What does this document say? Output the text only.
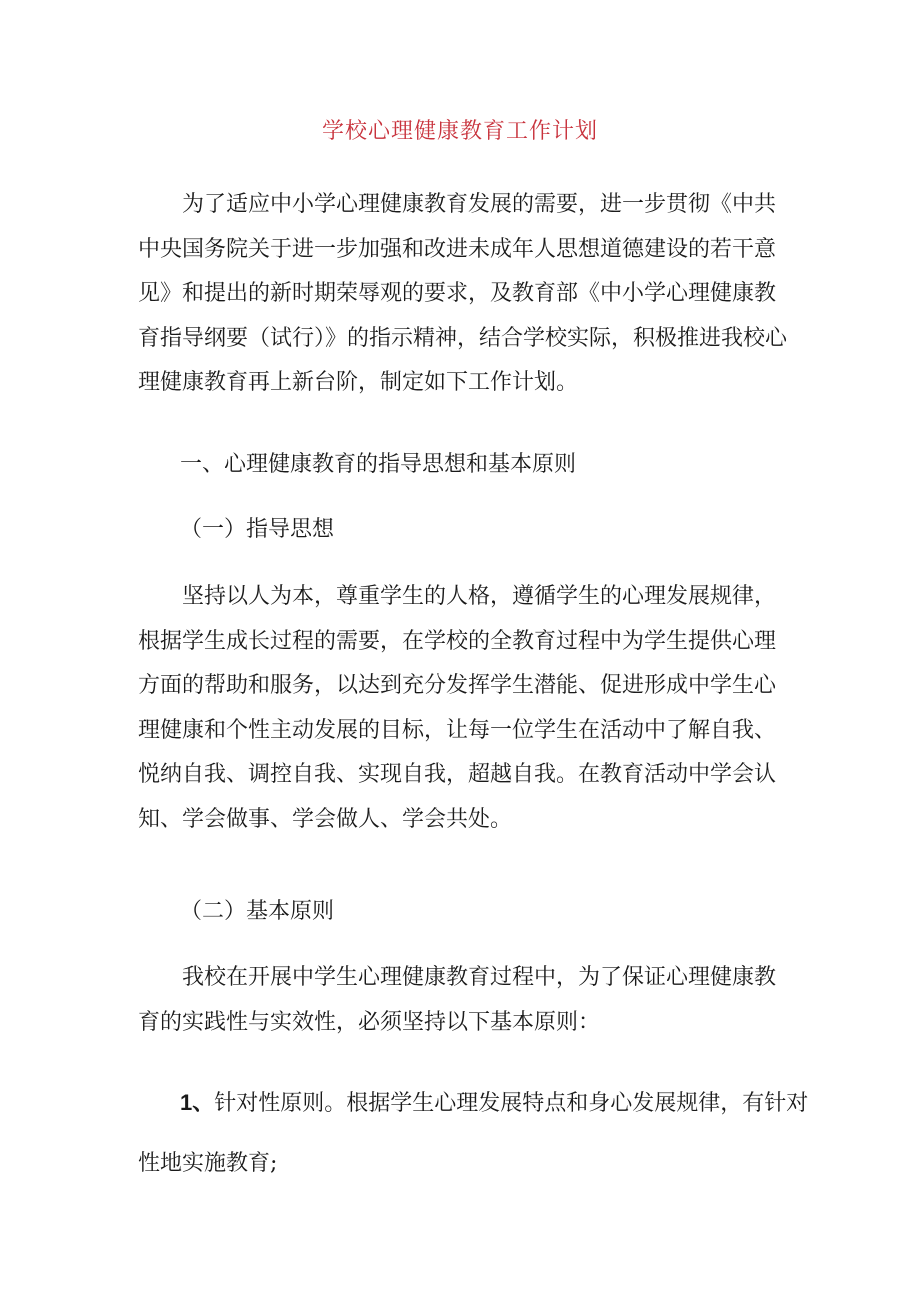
学校心理健康教育工作计划

为了适应中小学心理健康教育发展的需要，进一步贯彻《中共中央国务院关于进一步加强和改进未成年人思想道德建设的若干意见》和提出的新时期荣辱观的要求，及教育部《中小学心理健康教育指导纲要（试行）》的指示精神，结合学校实际，积极推进我校心理健康教育再上新台阶，制定如下工作计划。

一、心理健康教育的指导思想和基本原则

（一）指导思想

坚持以人为本，尊重学生的人格，遵循学生的心理发展规律，根据学生成长过程的需要，在学校的全教育过程中为学生提供心理方面的帮助和服务，以达到充分发挥学生潜能、促进形成中学生心理健康和个性主动发展的目标，让每一位学生在活动中了解自我、悦纳自我、调控自我、实现自我，超越自我。在教育活动中学会认知、学会做事、学会做人、学会共处。

（二）基本原则

我校在开展中学生心理健康教育过程中，为了保证心理健康教育的实践性与实效性，必须坚持以下基本原则：

1、针对性原则。根据学生心理发展特点和身心发展规律，有针对

性地实施教育;
